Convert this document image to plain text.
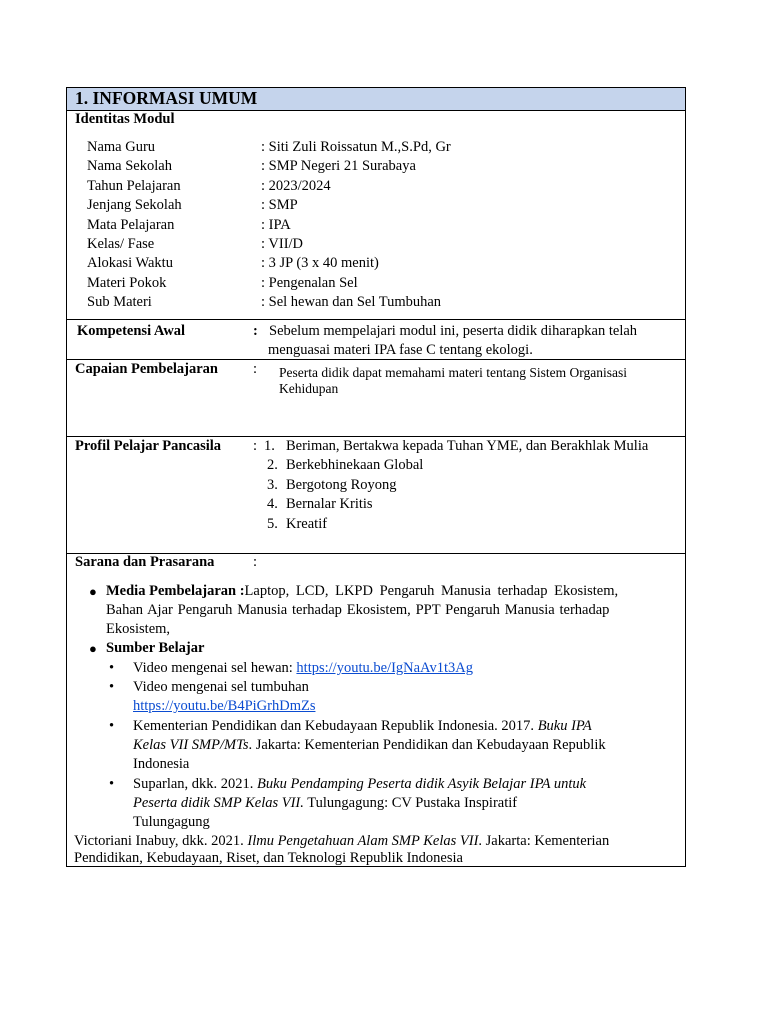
1. INFORMASI UMUM
Identitas Modul
Nama Guru	: Siti Zuli Roissatun M.,S.Pd, Gr
Nama Sekolah	: SMP Negeri 21 Surabaya
Tahun Pelajaran	: 2023/2024
Jenjang Sekolah	: SMP
Mata Pelajaran	: IPA
Kelas/ Fase	: VII/D
Alokasi Waktu	: 3 JP (3 x 40 menit)
Materi Pokok	: Pengenalan Sel
Sub Materi	: Sel hewan dan Sel Tumbuhan
Kompetensi Awal	: Sebelum mempelajari modul ini, peserta didik diharapkan telah
menguasai materi IPA fase C tentang ekologi.
Capaian Pembelajaran : Peserta didik dapat memahami materi tentang Sistem Organisasi
Kehidupan
Profil Pelajar Pancasila : 1. Beriman, Bertakwa kepada Tuhan YME, dan Berakhlak Mulia
2. Berkebhinekaan Global
3. Bergotong Royong
4. Bernalar Kritis
5. Kreatif
Sarana dan Prasarana	:
● Media Pembelajaran :Laptop, LCD, LKPD Pengaruh Manusia terhadap Ekosistem,
Bahan Ajar Pengaruh Manusia terhadap Ekosistem, PPT Pengaruh Manusia terhadap
Ekosistem,
● Sumber Belajar
• Video mengenai sel hewan: https://youtu.be/IgNaAv1t3Ag
• Video mengenai sel tumbuhan
https://youtu.be/B4PiGrhDmZs
• Kementerian Pendidikan dan Kebudayaan Republik Indonesia. 2017. Buku IPA
Kelas VII SMP/MTs. Jakarta: Kementerian Pendidikan dan Kebudayaan Republik
Indonesia
• Suparlan, dkk. 2021. Buku Pendamping Peserta didik Asyik Belajar IPA untuk
Peserta didik SMP Kelas VII. Tulungagung: CV Pustaka Inspiratif
Tulungagung
Victoriani Inabuy, dkk. 2021. Ilmu Pengetahuan Alam SMP Kelas VII. Jakarta: Kementerian
Pendidikan, Kebudayaan, Riset, dan Teknologi Republik Indonesia
